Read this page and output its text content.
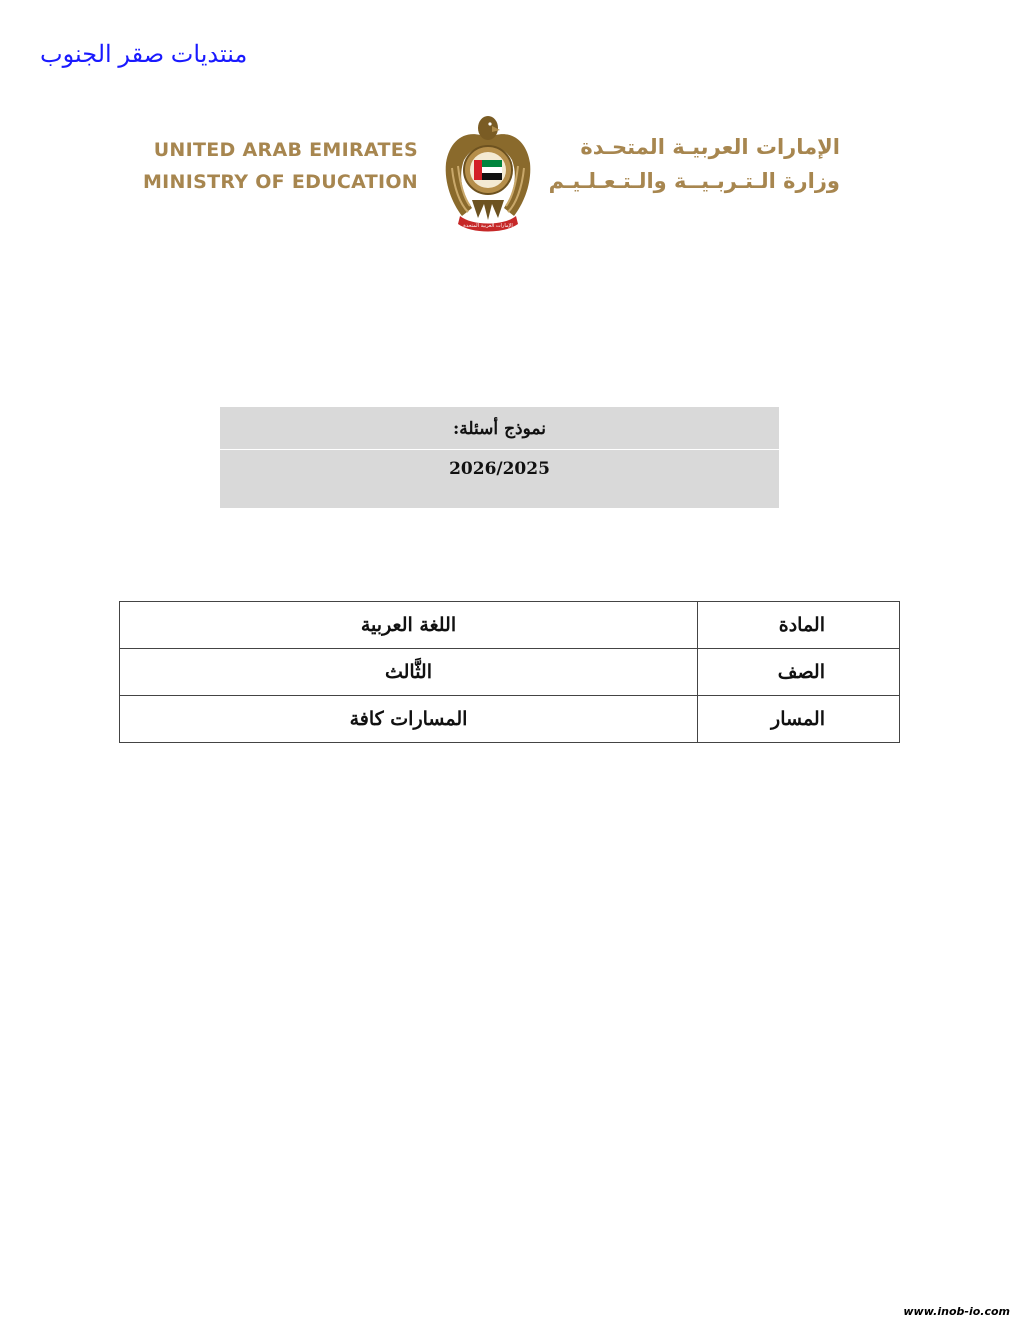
منتديات صقر الجنوب
UNITED ARAB EMIRATES
MINISTRY OF EDUCATION
الإمارات العربية المتحدة
الإمارات العربيـة المتحـدة
وزارة الـتـربـيــة والـتـعـلـيـم
نموذج أسئلة:
2026/2025
المادة	اللغة العربية
الصف	الثَّالث
المسار	المسارات كافة
www.inob-io.com
